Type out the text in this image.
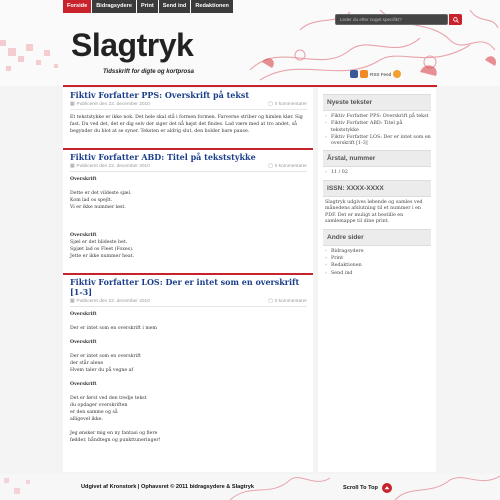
Forside	Bidragsydere	Print	Send ind	Redaktionen
Leder du efter noget specifikt?
Slagtryk
Tidsskrift for digte og kortprosa	RSS Feed
Fiktiv Forfatter PPS: Overskrift på tekst
▦ Publiceret den 22. december 2010	▢ 0 kommentarer

Et tekststykke er ikke nok. Det hele skal stå i formen formen. Farverne striber og himlen klør. Sig fast. Du ved det, det er dig selv der siger det nå højst det findes. Lad være med at tro andet, så begynder du blot at se syner. Teksten er aldrig slut, den holder bare pause.

Fiktiv Forfatter ABD: Titel på tekststykke
▦ Publiceret den 22. december 2010	▢ 0 kommentarer

Overskrift

Dette er det vildeste sjæl.
Kom lad os spejlt.
Vi er ikke nummer løst.

Overskrift

Sjæl er det blideste bet.
Spjæt lad os Fleet (Foxes).
Jette er ikke nummer heat.

Fiktiv Forfatter LOS: Der er intet som en overskrift [1-3]
▦ Publiceret den 22. december 2010	▢ 0 kommentarer

Overskrift

Der er intet som en overskrift i mem

Overskrift

Der er intet som en overskrift
der står alene
Hvem taler du på vegne af

Overskrift

Det er først ved den tredje tekst
du opdager overskriften
er den samme og så
alligevel ikke.

Jeg ønsker mig en ny fantasi og flere
fødder, håndtegn og punkttuneringer!

Nyeste tekster
› Fiktiv Forfatter PPS: Overskrift på tekst
› Fiktiv Forfatter ABD: Titel på tekststykke
› Fiktiv Forfatter LOS: Der er intet som en overskrift [1-3]
Årstal, nummer
› 11 / 02
ISSN: XXXX-XXXX

Slagtryk udgives løbende og samles ved månedens afslutning til et nummer i en PDF. Det er muligt at bestille en samlemappe til dine print.

Andre sider
› Bidragsydere
› Print
› Redaktionen
› Send ind
Udgivet af Kronstork | Ophavsret © 2011 bidragsydere & Slagtryk	Scroll To Top
